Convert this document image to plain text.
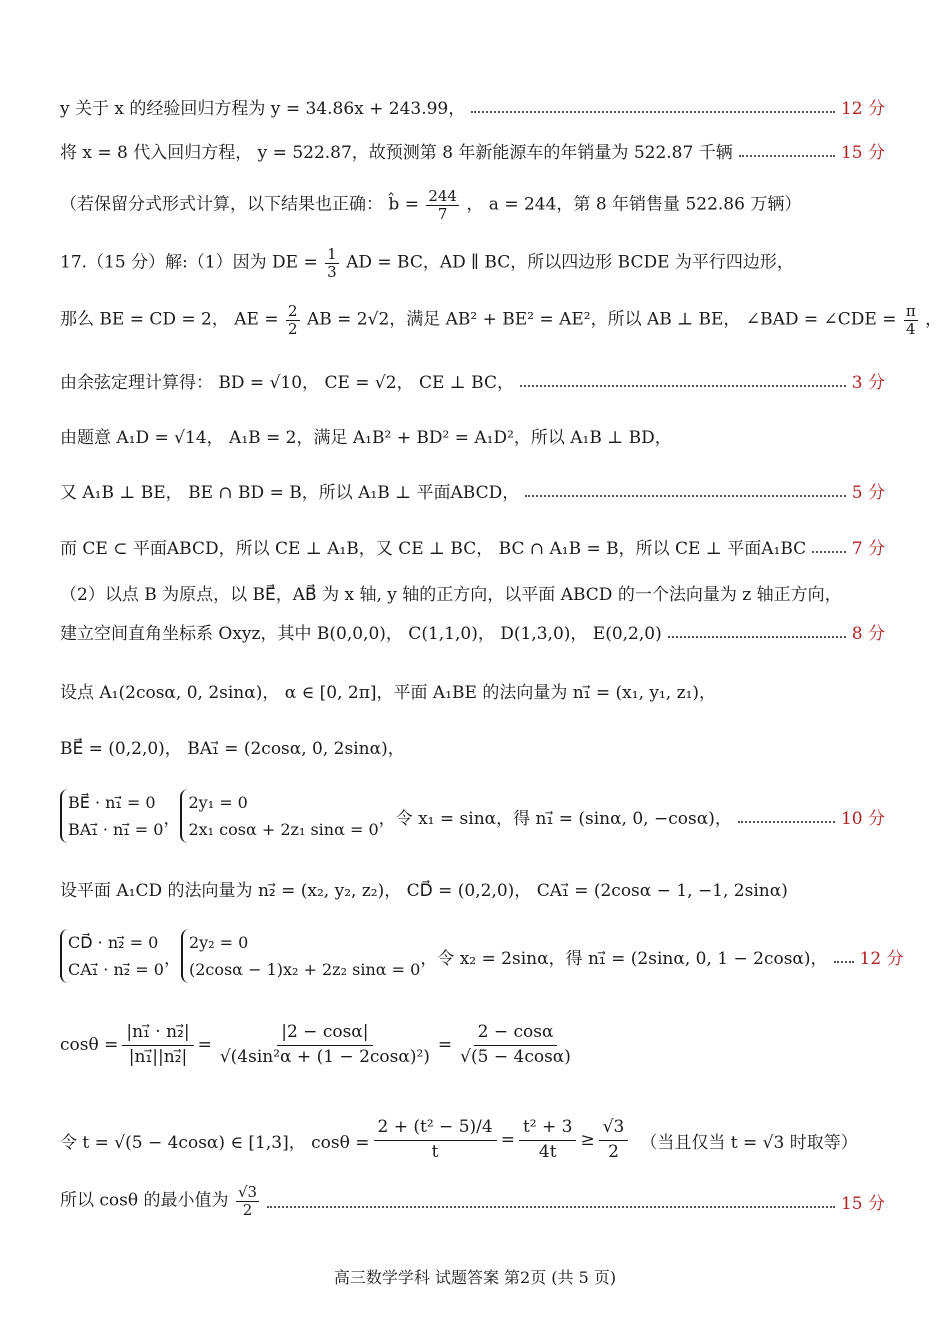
y 关于 x 的经验回归方程为 y = 34.86x + 243.99，	12 分
将 x = 8 代入回归方程， y = 522.87，故预测第 8 年新能源车的年销量为 522.87 千辆	15 分
（若保留分式形式计算，以下结果也正确： b̂ = $\frac{244}{7}$ ， a = 244，第 8 年销售量 522.86 万辆）
17.（15 分）解:（1）因为 DE = $\frac{1}{3}$ AD = BC，AD ∥ BC，所以四边形 BCDE 为平行四边形，
那么 BE = CD = 2， AE = $\frac{2}{2}$ AB = 2√2，满足 AB² + BE² = AE²，所以 AB ⊥ BE， ∠BAD = ∠CDE = $\frac{\pi}{4}$ ，
由余弦定理计算得： BD = √10， CE = √2， CE ⊥ BC，	3 分
由题意 A₁D = √14， A₁B = 2，满足 A₁B² + BD² = A₁D²，所以 A₁B ⊥ BD，
又 A₁B ⊥ BE， BE ∩ BD = B，所以 A₁B ⊥ 平面ABCD，	5 分
而 CE ⊂ 平面ABCD，所以 CE ⊥ A₁B，又 CE ⊥ BC， BC ∩ A₁B = B，所以 CE ⊥ 平面A₁BC	7 分
（2）以点 B 为原点，以 BE⃗，AB⃗ 为 x 轴, y 轴的正方向，以平面 ABCD 的一个法向量为 z 轴正方向，
建立空间直角坐标系 Oxyz，其中 B(0,0,0)， C(1,1,0)， D(1,3,0)， E(0,2,0)	8 分
设点 A₁(2cosα, 0, 2sinα)， α ∈ [0, 2π]，平面 A₁BE 的法向量为 n₁⃗ = (x₁, y₁, z₁)，
BE⃗ = (0,2,0)， BA₁⃗ = (2cosα, 0, 2sinα)，
BE⃗ · n₁⃗ = 0
BA₁⃗ · n₁⃗ = 0
，
2y₁ = 0
2x₁ cosα + 2z₁ sinα = 0
，令 x₁ = sinα，得 n₁⃗ = (sinα, 0, −cosα)，	10 分
设平面 A₁CD 的法向量为 n₂⃗ = (x₂, y₂, z₂)， CD⃗ = (0,2,0)， CA₁⃗ = (2cosα − 1, −1, 2sinα)
CD⃗ · n₂⃗ = 0
CA₁⃗ · n₂⃗ = 0
，
2y₂ = 0
(2cosα − 1)x₂ + 2z₂ sinα = 0
，令 x₂ = 2sinα，得 n₁⃗ = (2sinα, 0, 1 − 2cosα)， 12 分
$\cos\theta = \frac{\text{|n₁⃗ · n₂⃗|}}{\text{|n₁⃗||n₂⃗|}} = \frac{|2 - \cos\alpha|}{\text{√(4sin²α + (1 − 2cosα)²)}} = \frac{2 - \cos\alpha}{√(5 - 4\cos\alpha)}$
令 t = √(5 − 4cosα) ∈ [1,3]， $\cos\theta = \frac{\text{2 + (t² − 5)/4}}{t} = \frac{\text{t² + 3}}{4t} \ge \frac{√3}{2}$ （当且仅当 t = √3 时取等）
所以 cosθ 的最小值为 $\frac{√3}{2}$	15 分
高三数学学科 试题答案 第2页 (共 5 页)
